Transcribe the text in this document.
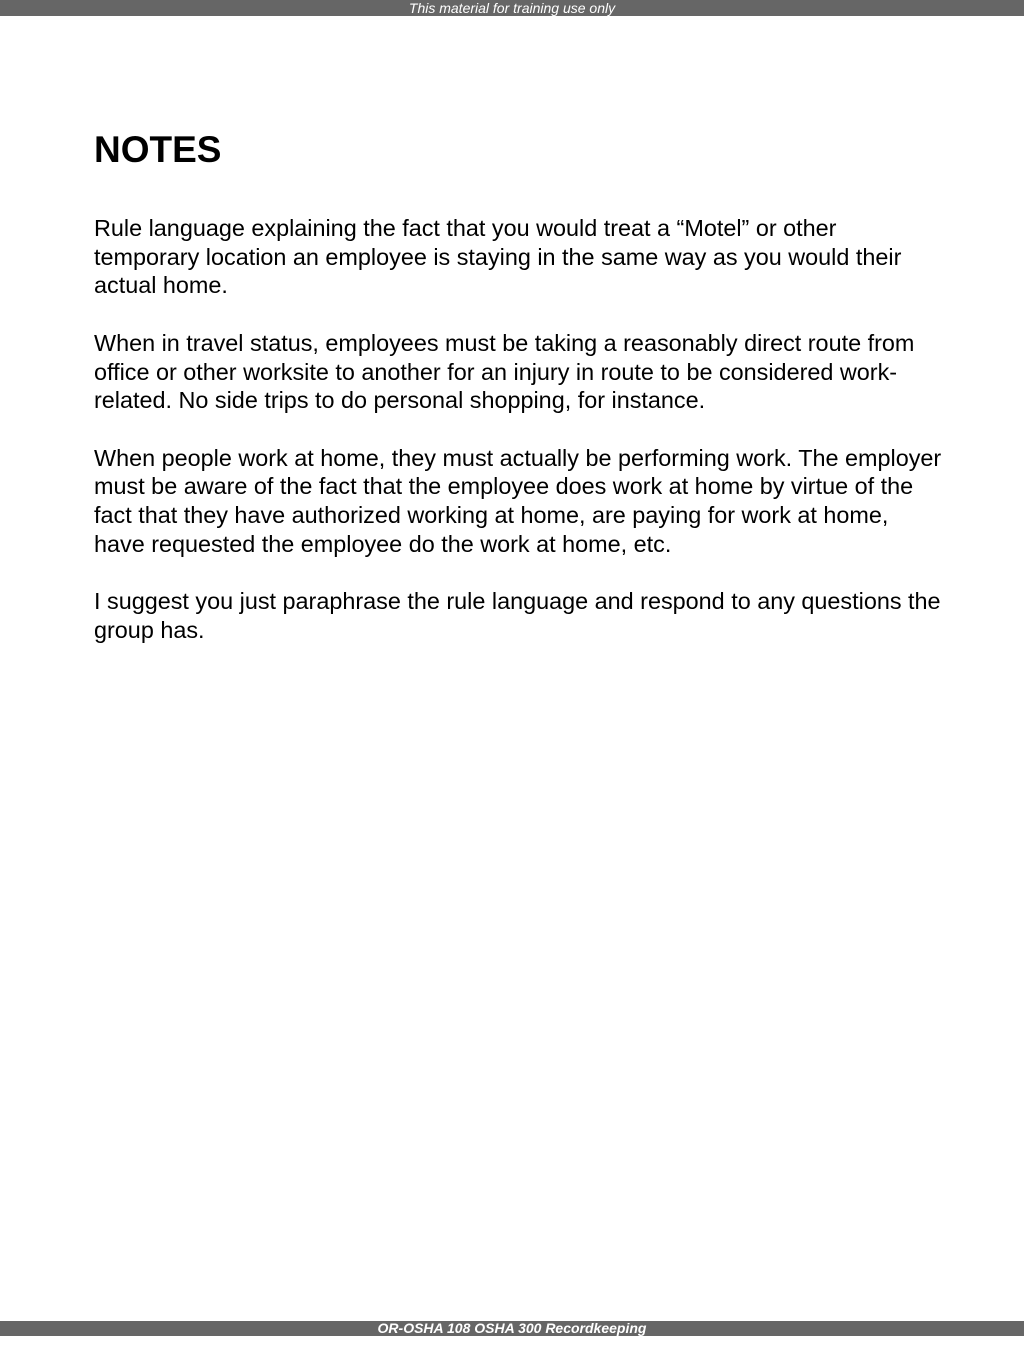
This material for training use only
NOTES

Rule language explaining the fact that you would treat a “Motel” or other temporary location an employee is staying in the same way as you would their actual home.

When in travel status, employees must be taking a reasonably direct route from office or other worksite to another for an injury in route to be considered work-related. No side trips to do personal shopping, for instance.

When people work at home, they must actually be performing work. The employer must be aware of the fact that the employee does work at home by virtue of the fact that they have authorized working at home, are paying for work at home, have requested the employee do the work at home, etc.

I suggest you just paraphrase the rule language and respond to any questions the group has.

OR-OSHA 108 OSHA 300 Recordkeeping
